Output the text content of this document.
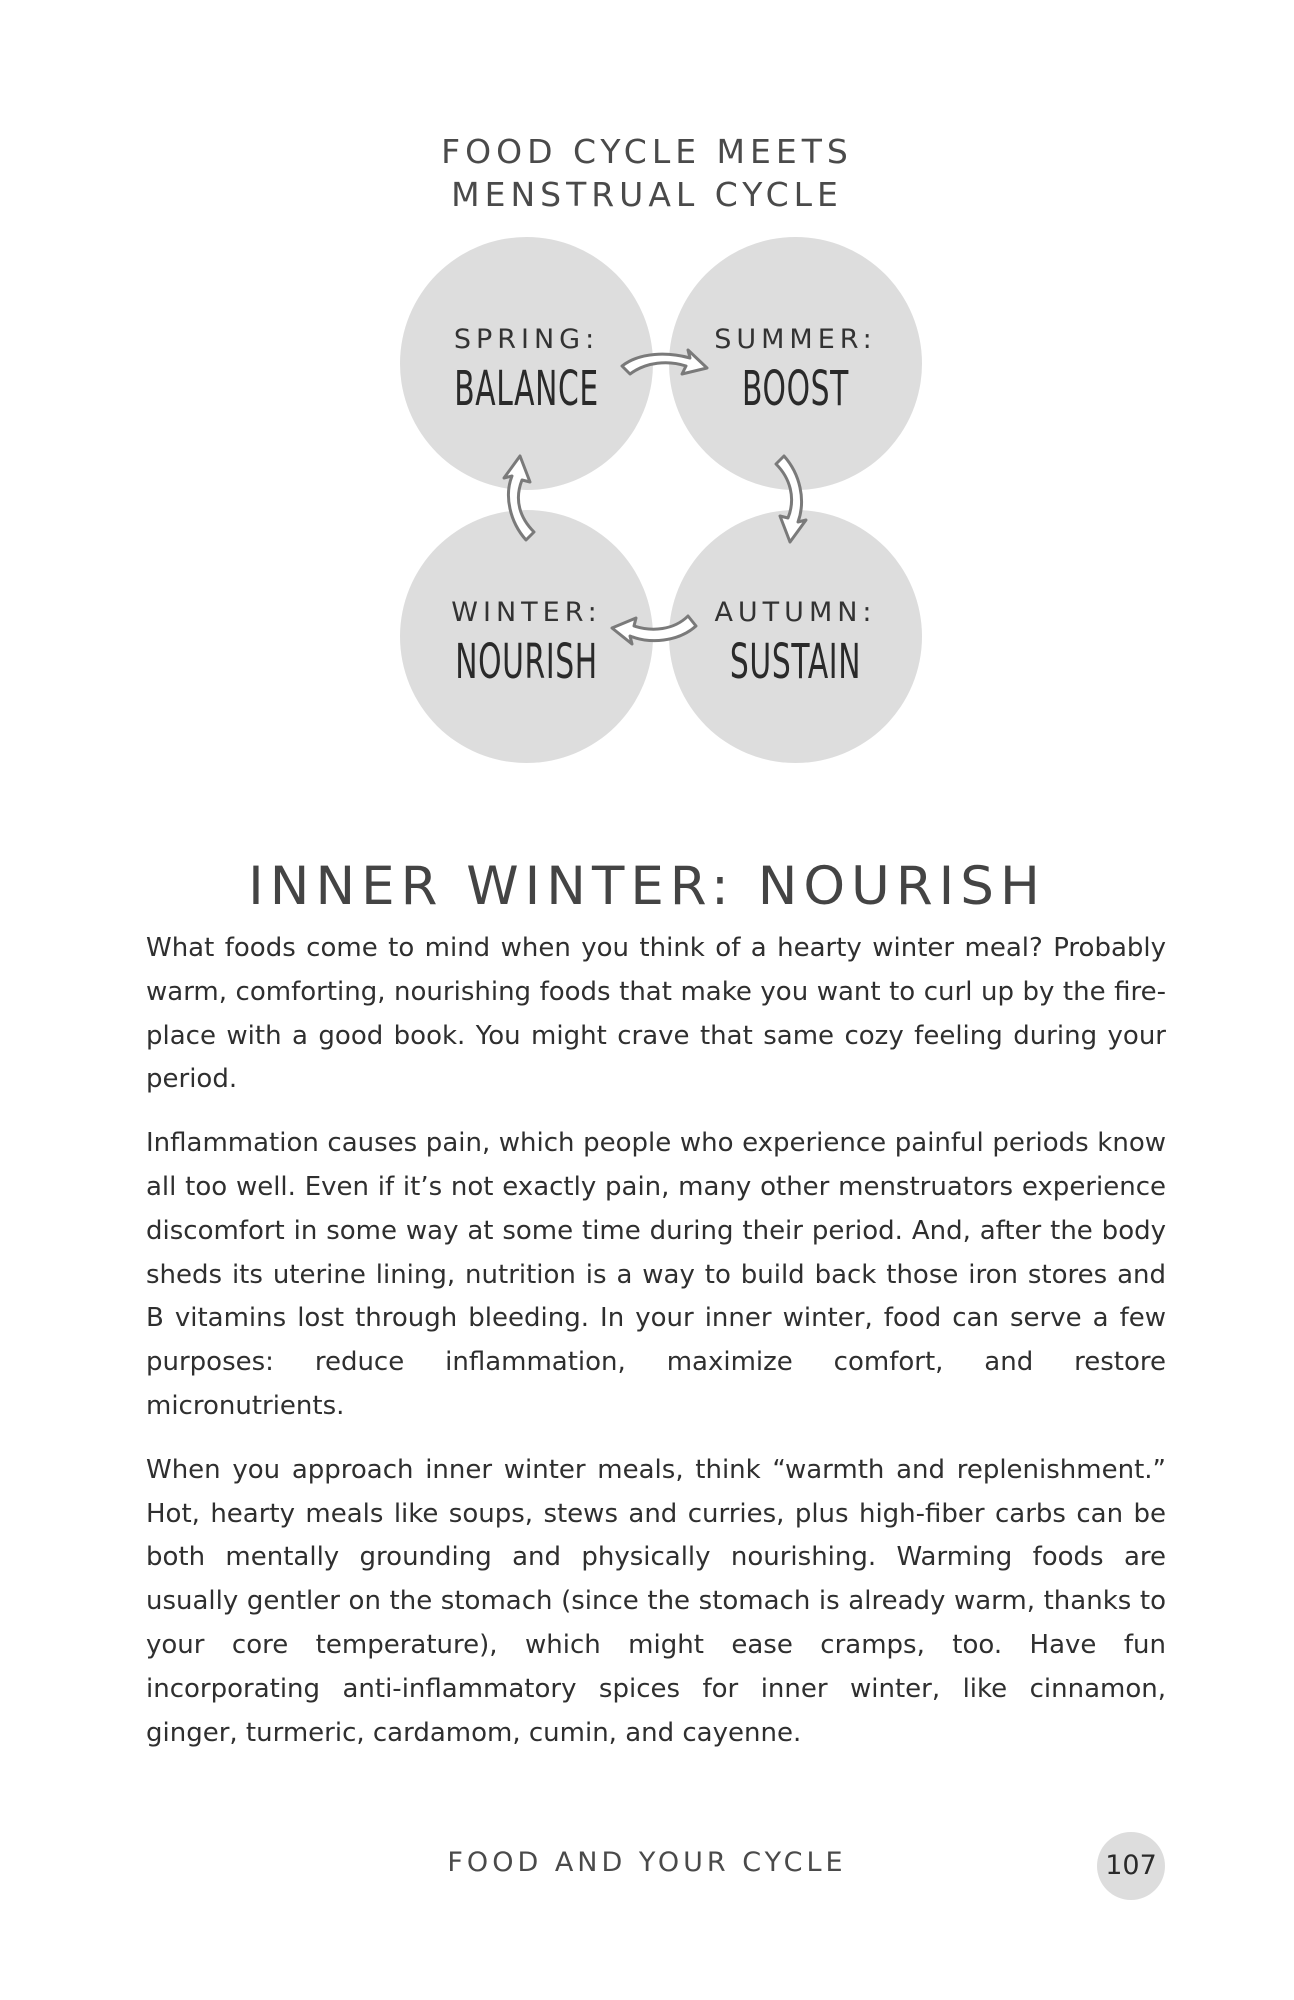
FOOD CYCLE MEETS
MENSTRUAL CYCLE
SPRING:
BALANCE
SUMMER:
BOOST
WINTER:
NOURISH
AUTUMN:
SUSTAIN
INNER WINTER: NOURISH

What foods come to mind when you think of a hearty winter meal? Probably warm, comforting, nourishing foods that make you want to curl up by the fire-place with a good book. You might crave that same cozy feeling during your period.

Inflammation causes pain, which people who experience painful periods know all too well. Even if it’s not exactly pain, many other menstruators experience discomfort in some way at some time during their period. And, after the body sheds its uterine lining, nutrition is a way to build back those iron stores and B vitamins lost through bleeding. In your inner winter, food can serve a few purposes: reduce inflammation, maximize comfort, and restore micronutrients.

When you approach inner winter meals, think “warmth and replenishment.” Hot, hearty meals like soups, stews and curries, plus high-fiber carbs can be both mentally grounding and physically nourishing. Warming foods are usually gentler on the stomach (since the stomach is already warm, thanks to your core temperature), which might ease cramps, too. Have fun incorporating anti-inflammatory spices for inner winter, like cinnamon, ginger, turmeric, cardamom, cumin, and cayenne.

FOOD AND YOUR CYCLE	107
